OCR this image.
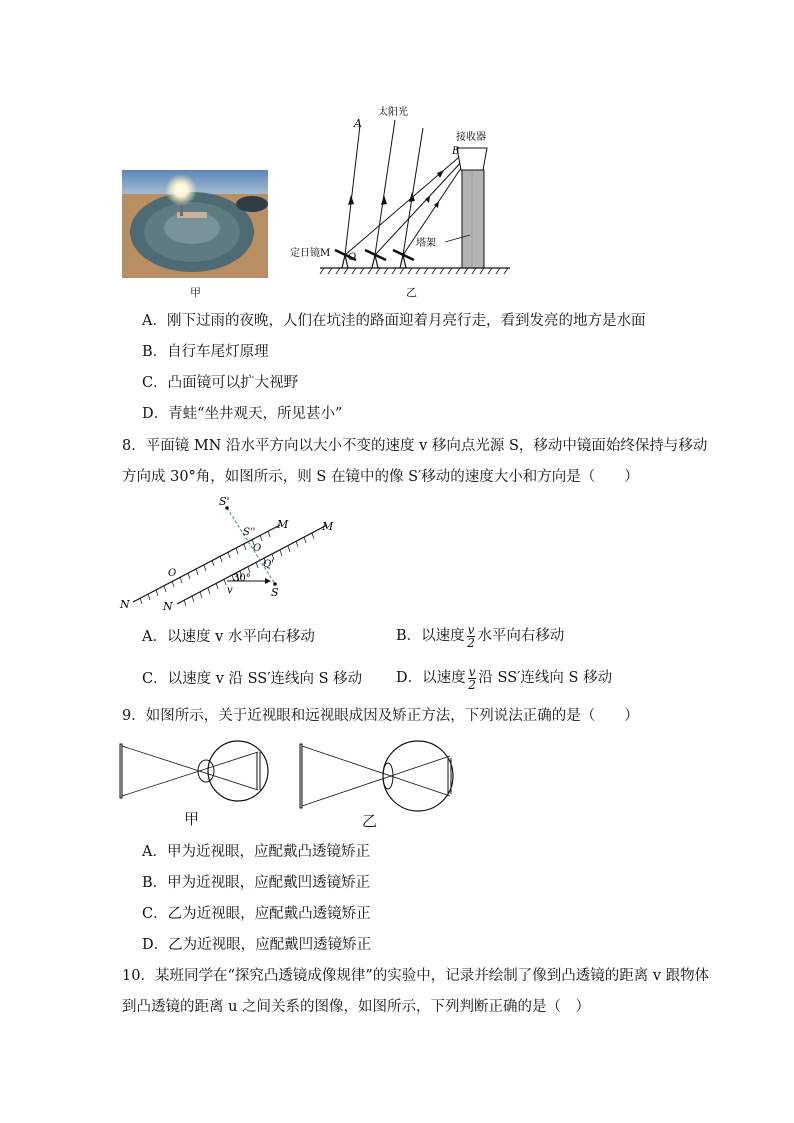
甲
A
太阳光
接收器
B
塔架
定日镜M O
乙
A．刚下过雨的夜晚，人们在坑洼的路面迎着月亮行走，看到发亮的地方是水面
B．自行车尾灯原理
C．凸面镜可以扩大视野
D．青蛙“坐井观天，所见甚小”
8．平面镜 MN 沿水平方向以大小不变的速度 v 移向点光源 S，移动中镜面始终保持与移动
方向成 30°角，如图所示，则 S 在镜中的像 S′移动的速度大小和方向是（　　）
S'
S''
M	M
O
O
Q'
30°
v	S
N	N
A．以速度 v 水平向右移动	B．以速度 $\frac{v}{2}$ 水平向右移动
C．以速度 v 沿 SS′连线向 S 移动 D．以速度 $\frac{v}{2}$ 沿 SS′连线向 S 移动
9．如图所示，关于近视眼和远视眼成因及矫正方法，下列说法正确的是（　　）
甲	乙
A．甲为近视眼，应配戴凸透镜矫正
B．甲为近视眼，应配戴凹透镜矫正
C．乙为近视眼，应配戴凸透镜矫正
D．乙为近视眼，应配戴凹透镜矫正
10．某班同学在“探究凸透镜成像规律”的实验中，记录并绘制了像到凸透镜的距离 v 跟物体
到凸透镜的距离 u 之间关系的图像，如图所示，下列判断正确的是（　）
